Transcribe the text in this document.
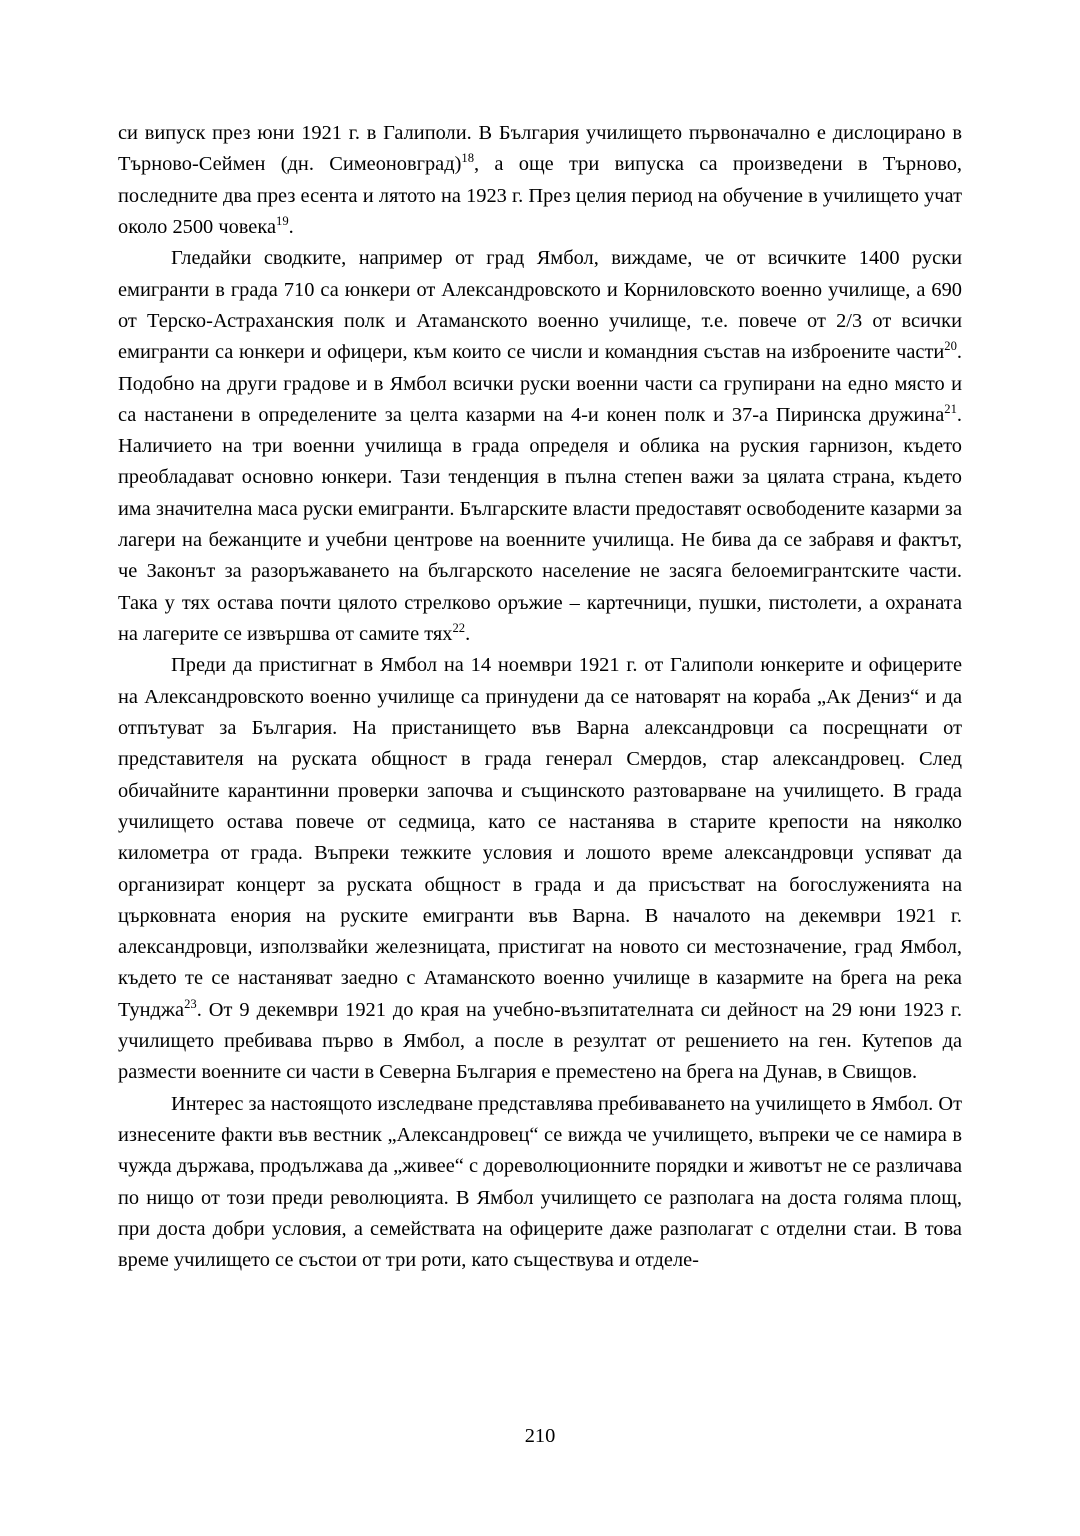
си випуск през юни 1921 г. в Галиполи. В България училището първоначално е дислоцирано в Търново-Сеймен (дн. Симеоновград)$^{18}$, а още три випуска са произведени в Търново, последните два през есента и лятото на 1923 г. През целия период на обучение в училището учат около 2500 човека$^{19}$.

Гледайки сводките, например от град Ямбол, виждаме, че от всичките 1400 руски емигранти в града 710 са юнкери от Александровското и Корниловското военно училище, а 690 от Терско-Астраханския полк и Атаманското военно училище, т.е. повече от 2/3 от всички емигранти са юнкери и офицери, към които се числи и командния състав на изброените части$^{20}$. Подобно на други градове и в Ямбол всички руски военни части са групирани на едно място и са настанени в определените за целта казарми на 4-и конен полк и 37-а Пиринска дружина$^{21}$. Наличието на три военни училища в града определя и облика на руския гарнизон, където преобладават основно юнкери. Тази тенденция в пълна степен важи за цялата страна, където има значителна маса руски емигранти. Българските власти предоставят освободените казарми за лагери на бежанците и учебни центрове на военните училища. Не бива да се забравя и фактът, че Законът за разоръжаването на българското население не засяга белоемигрантските части. Така у тях остава почти цялото стрелково оръжие – картечници, пушки, пистолети, а охраната на лагерите се извършва от самите тях$^{22}$.

Преди да пристигнат в Ямбол на 14 ноември 1921 г. от Галиполи юнкерите и офицерите на Александровското военно училище са принудени да се натоварят на кораба „Ак Дениз“ и да отпътуват за България. На пристанището във Варна александровци са посрещнати от представителя на руската общност в града генерал Смердов, стар александровец. След обичайните карантинни проверки започва и същинското разтоварване на училището. В града училището остава повече от седмица, като се настанява в старите крепости на няколко километра от града. Въпреки тежките условия и лошото време александровци успяват да организират концерт за руската общност в града и да присъстват на богослуженията на църковната енория на руските емигранти във Варна. В началото на декември 1921 г. александровци, използвайки железницата, пристигат на новото си местозначение, град Ямбол, където те се настаняват заедно с Атаманското военно училище в казармите на брега на река Тунджа$^{23}$. От 9 декември 1921 до края на учебно-възпитателната си дейност на 29 юни 1923 г. училището пребивава първо в Ямбол, а после в резултат от решението на ген. Кутепов да размести военните си части в Северна България е преместено на брега на Дунав, в Свищов.

Интерес за настоящото изследване представлява пребиваването на училището в Ямбол. От изнесените факти във вестник „Александровец“ се вижда че училището, въпреки че се намира в чужда държава, продължава да „живее“ с дореволюционните порядки и животът не се различава по нищо от този преди революцията. В Ямбол училището се разполага на доста голяма площ, при доста добри условия, а семействата на офицерите даже разполагат с отделни стаи. В това време училището се състои от три роти, като съществува и отделе-

210
